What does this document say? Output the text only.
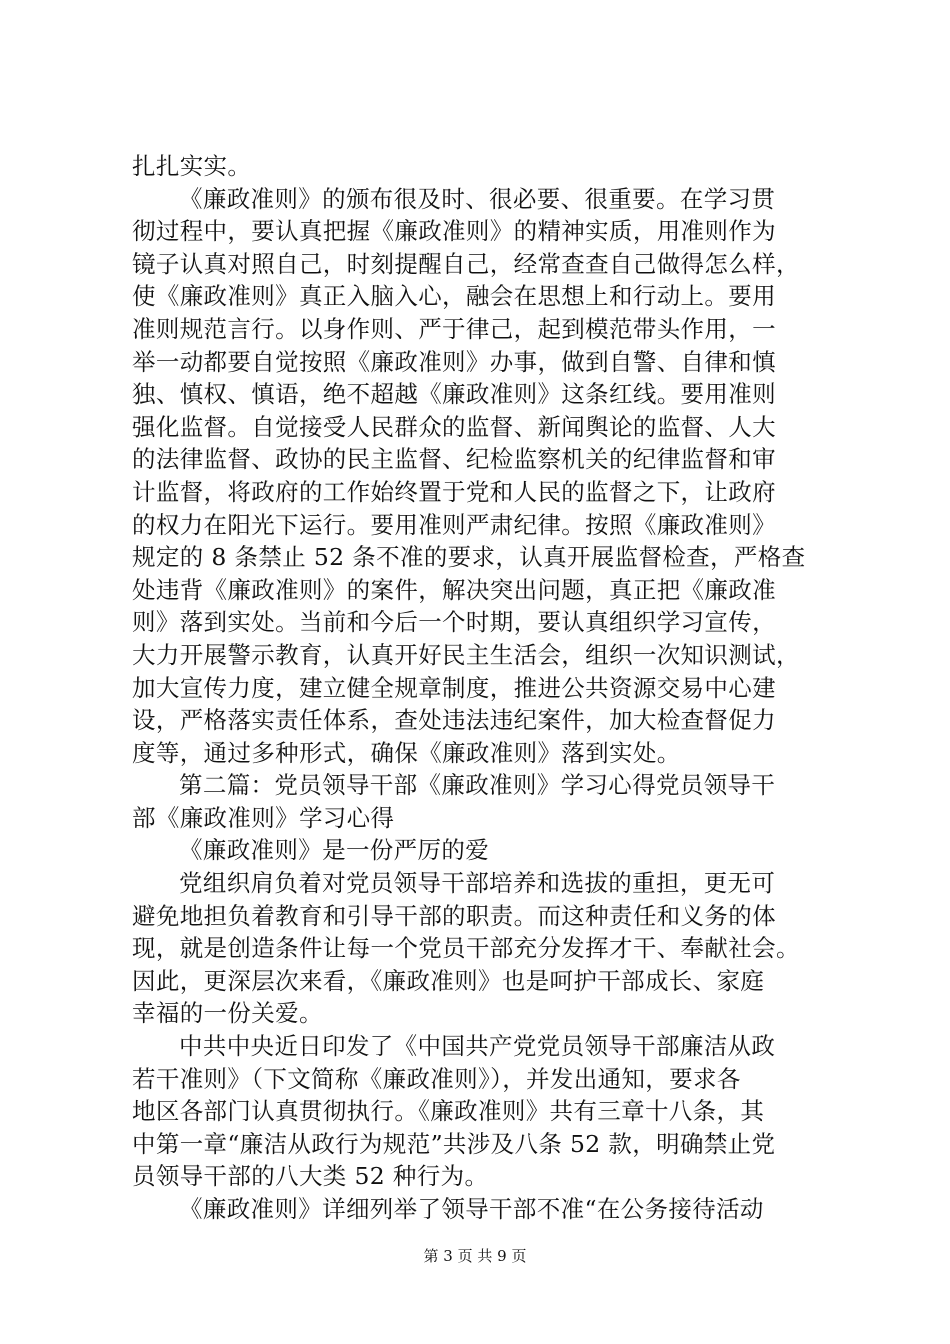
扎扎实实。
《廉政准则》的颁布很及时、很必要、很重要。在学习贯
彻过程中，要认真把握《廉政准则》的精神实质，用准则作为
镜子认真对照自己，时刻提醒自己，经常查查自己做得怎么样，
使《廉政准则》真正入脑入心，融会在思想上和行动上。要用
准则规范言行。以身作则、严于律己，起到模范带头作用，一
举一动都要自觉按照《廉政准则》办事，做到自警、自律和慎
独、慎权、慎语，绝不超越《廉政准则》这条红线。要用准则
强化监督。自觉接受人民群众的监督、新闻舆论的监督、人大
的法律监督、政协的民主监督、纪检监察机关的纪律监督和审
计监督，将政府的工作始终置于党和人民的监督之下，让政府
的权力在阳光下运行。要用准则严肃纪律。按照《廉政准则》
规定的 8 条禁止 52 条不准的要求，认真开展监督检查，严格查
处违背《廉政准则》的案件，解决突出问题，真正把《廉政准
则》落到实处。当前和今后一个时期，要认真组织学习宣传，
大力开展警示教育，认真开好民主生活会，组织一次知识测试，
加大宣传力度，建立健全规章制度，推进公共资源交易中心建
设，严格落实责任体系，查处违法违纪案件，加大检查督促力
度等，通过多种形式，确保《廉政准则》落到实处。
第二篇：党员领导干部《廉政准则》学习心得党员领导干
部《廉政准则》学习心得
《廉政准则》是一份严厉的爱
党组织肩负着对党员领导干部培养和选拔的重担，更无可
避免地担负着教育和引导干部的职责。而这种责任和义务的体
现，就是创造条件让每一个党员干部充分发挥才干、奉献社会。
因此，更深层次来看，《廉政准则》也是呵护干部成长、家庭
幸福的一份关爱。
中共中央近日印发了《中国共产党党员领导干部廉洁从政
若干准则》（下文简称《廉政准则》），并发出通知，要求各
地区各部门认真贯彻执行。《廉政准则》共有三章十八条，其
中第一章“廉洁从政行为规范”共涉及八条 52 款，明确禁止党
员领导干部的八大类 52 种行为。
《廉政准则》详细列举了领导干部不准“在公务接待活动
第 3 页 共 9 页
